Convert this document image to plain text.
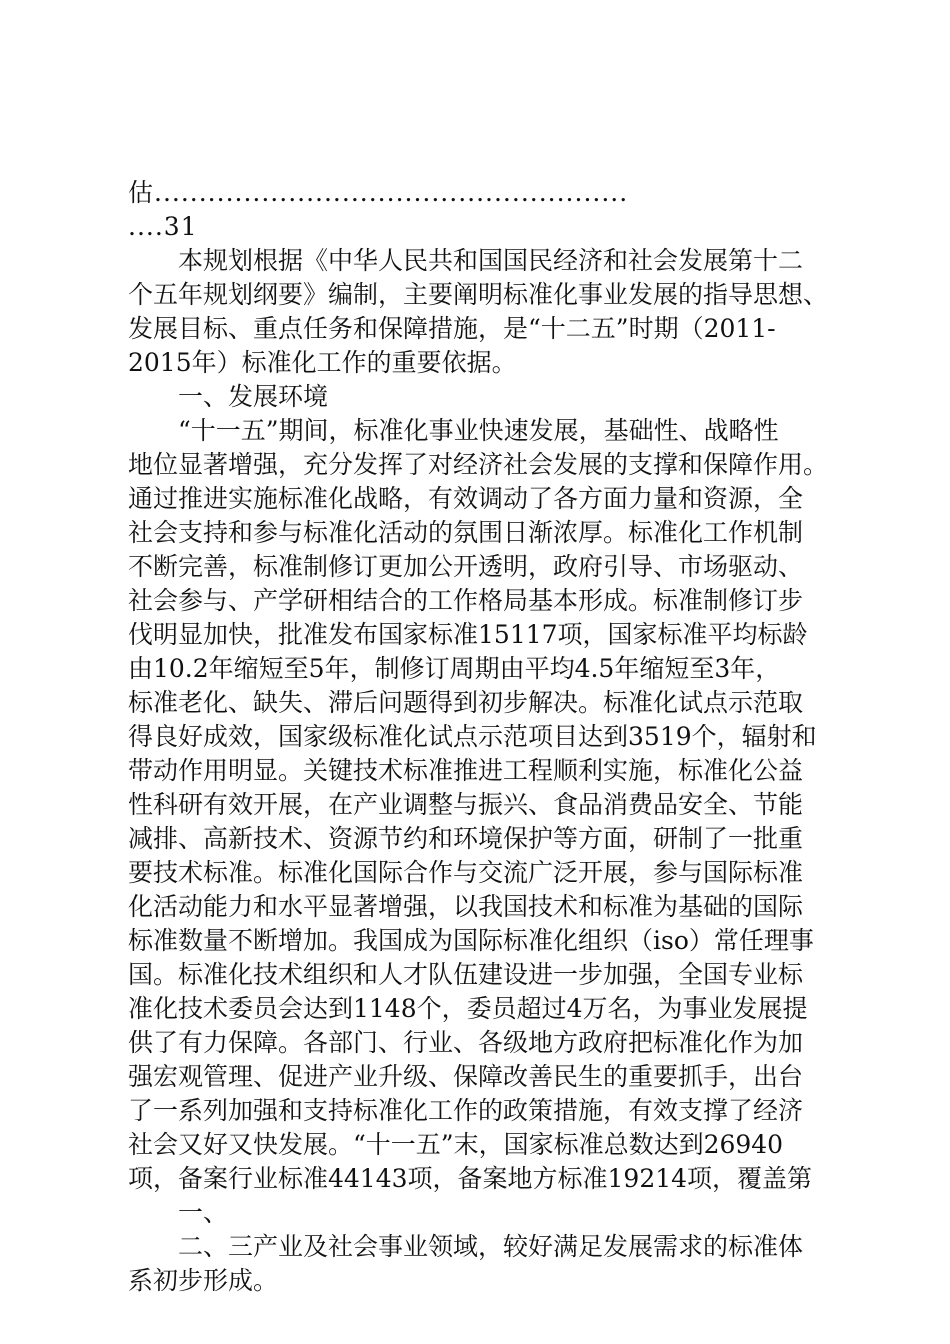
估.....................................................
....31
　　本规划根据《中华人民共和国国民经济和社会发展第十二
个五年规划纲要》编制，主要阐明标准化事业发展的指导思想、
发展目标、重点任务和保障措施，是“十二五”时期（2011-
2015年）标准化工作的重要依据。
　　一、发展环境
　　“十一五”期间，标准化事业快速发展，基础性、战略性
地位显著增强，充分发挥了对经济社会发展的支撑和保障作用。
通过推进实施标准化战略，有效调动了各方面力量和资源，全
社会支持和参与标准化活动的氛围日渐浓厚。标准化工作机制
不断完善，标准制修订更加公开透明，政府引导、市场驱动、
社会参与、产学研相结合的工作格局基本形成。标准制修订步
伐明显加快，批准发布国家标准15117项，国家标准平均标龄
由10.2年缩短至5年，制修订周期由平均4.5年缩短至3年，
标准老化、缺失、滞后问题得到初步解决。标准化试点示范取
得良好成效，国家级标准化试点示范项目达到3519个，辐射和
带动作用明显。关键技术标准推进工程顺利实施，标准化公益
性科研有效开展，在产业调整与振兴、食品消费品安全、节能
减排、高新技术、资源节约和环境保护等方面，研制了一批重
要技术标准。标准化国际合作与交流广泛开展，参与国际标准
化活动能力和水平显著增强，以我国技术和标准为基础的国际
标准数量不断增加。我国成为国际标准化组织（iso）常任理事
国。标准化技术组织和人才队伍建设进一步加强，全国专业标
准化技术委员会达到1148个，委员超过4万名，为事业发展提
供了有力保障。各部门、行业、各级地方政府把标准化作为加
强宏观管理、促进产业升级、保障改善民生的重要抓手，出台
了一系列加强和支持标准化工作的政策措施，有效支撑了经济
社会又好又快发展。“十一五”末，国家标准总数达到26940
项，备案行业标准44143项，备案地方标准19214项，覆盖第
　　一、
　　二、三产业及社会事业领域，较好满足发展需求的标准体
系初步形成。
